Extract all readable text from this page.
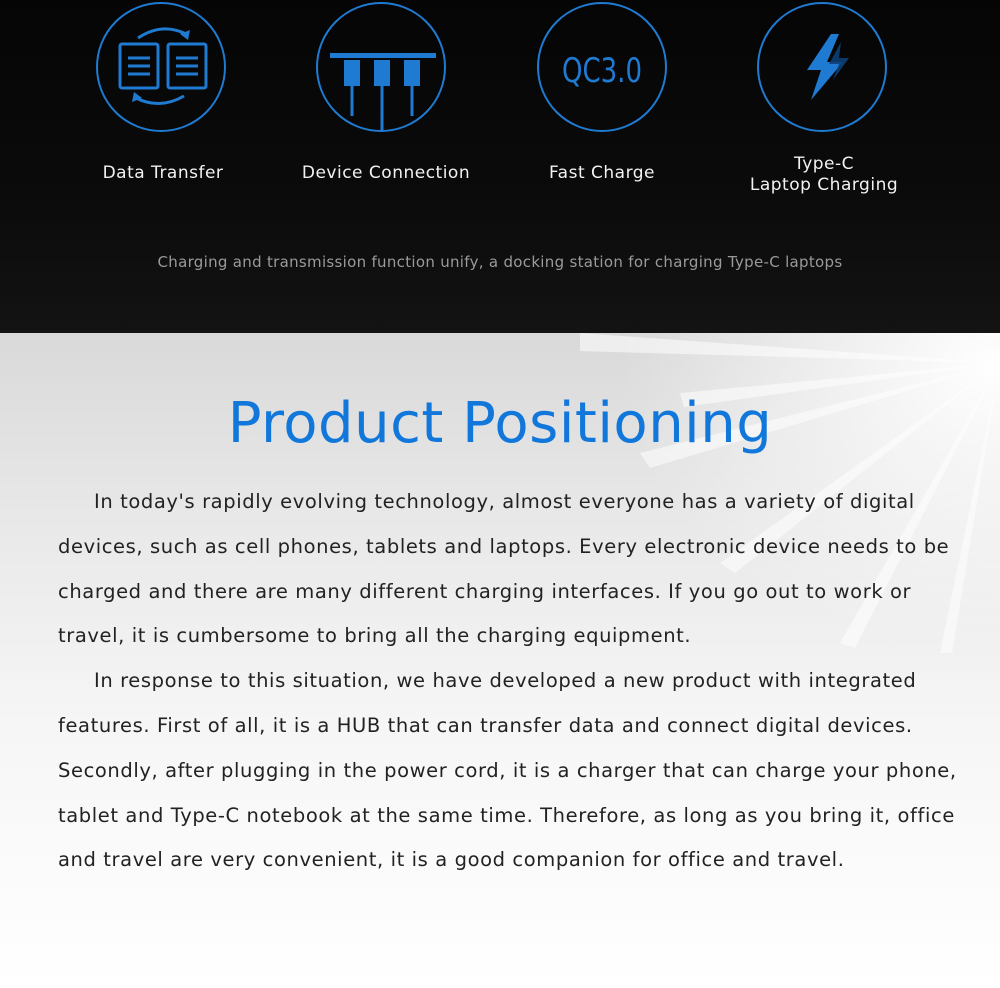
Data Transfer	Device Connection
QC3.0
Fast Charge	Type-C
Laptop Charging
Charging and transmission function unify, a docking station for charging Type-C laptops
Product Positioning

In today's rapidly evolving technology, almost everyone has a variety of digital devices, such as cell phones, tablets and laptops. Every electronic device needs to be charged and there are many different charging interfaces. If you go out to work or travel, it is cumbersome to bring all the charging equipment.

In response to this situation, we have developed a new product with integrated features. First of all, it is a HUB that can transfer data and connect digital devices. Secondly, after plugging in the power cord, it is a charger that can charge your phone, tablet and Type-C notebook at the same time. Therefore, as long as you bring it, office and travel are very convenient, it is a good companion for office and travel.
